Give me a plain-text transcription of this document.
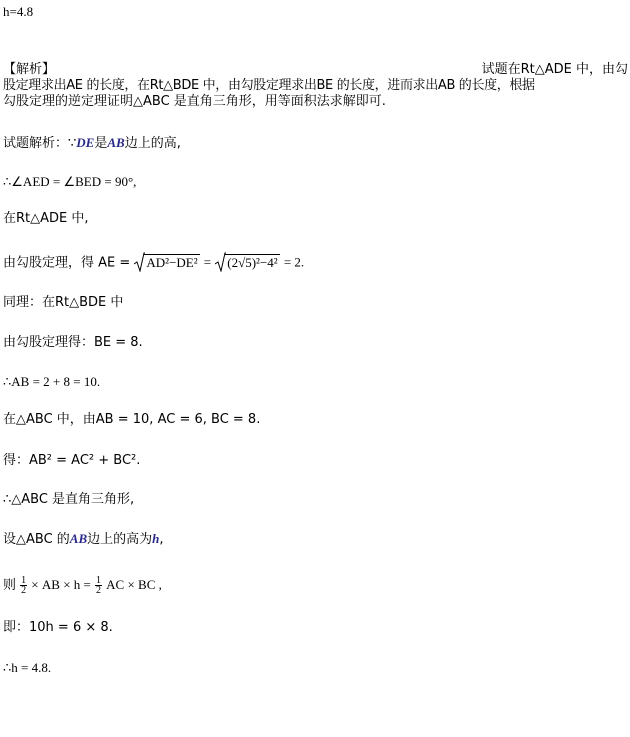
h=4.8
【解析】	试题在Rt△ADE 中，由勾
股定理求出AE 的长度，在Rt△BDE 中，由勾股定理求出BE 的长度，进而求出AB 的长度，根据
勾股定理的逆定理证明△ABC 是直角三角形，用等面积法求解即可.
试题解析：∵DE是AB边上的高,
∴∠AED = ∠BED = 90°,
在Rt△ADE 中,
由勾股定理，得 AE = AD²−DE² = (2√5)²−4² = 2.
同理：在Rt△BDE 中
由勾股定理得：BE = 8.
∴AB = 2 + 8 = 10.
在△ABC 中，由AB = 10, AC = 6, BC = 8.
得：AB² = AC² + BC².
∴△ABC 是直角三角形,
设△ABC 的AB边上的高为h,
则 $\frac{1}{2}$ × AB × $h = \frac{1}{2}$ AC × BC ,
即：10h = 6 × 8.
∴h = 4.8.
